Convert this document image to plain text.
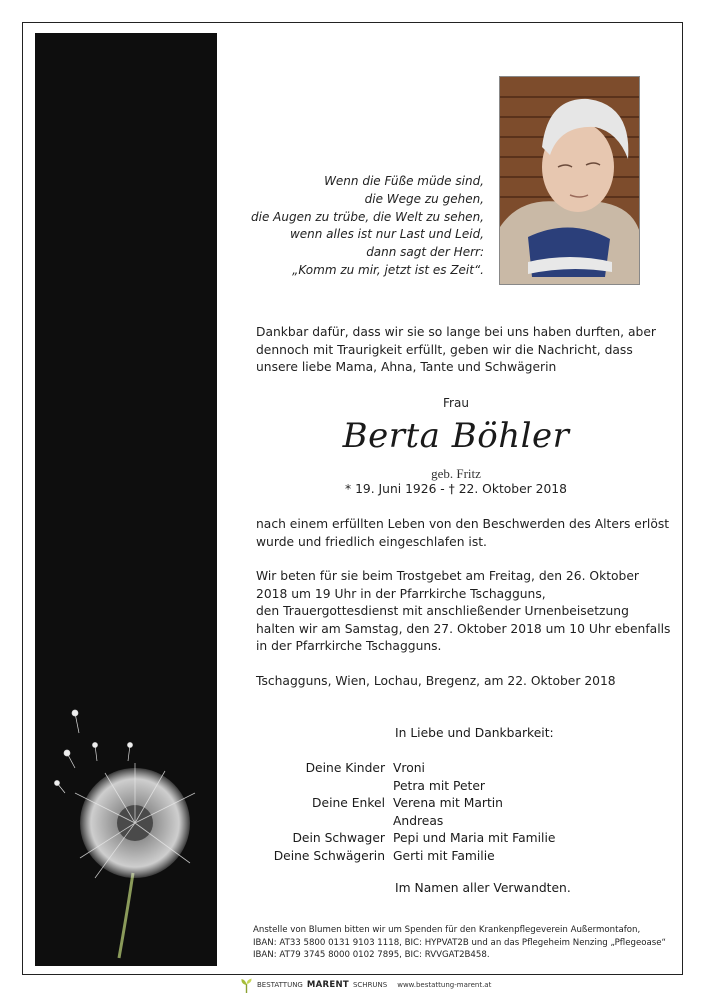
Wenn die Füße müde sind,
die Wege zu gehen,
die Augen zu trübe, die Welt zu sehen,
wenn alles ist nur Last und Leid,
dann sagt der Herr:
„Komm zu mir, jetzt ist es Zeit“.
Dankbar dafür, dass wir sie so lange bei uns haben durften, aber
dennoch mit Traurigkeit erfüllt, geben wir die Nachricht, dass
unsere liebe Mama, Ahna, Tante und Schwägerin
Frau
Berta Böhler
geb. Fritz
* 19. Juni 1926 - † 22. Oktober 2018
nach einem erfüllten Leben von den Beschwerden des Alters erlöst
wurde und friedlich eingeschlafen ist.
Wir beten für sie beim Trostgebet am Freitag, den 26. Oktober
2018 um 19 Uhr in der Pfarrkirche Tschagguns,
den Trauergottesdienst mit anschließender Urnenbeisetzung
halten wir am Samstag, den 27. Oktober 2018 um 10 Uhr ebenfalls
in der Pfarrkirche Tschagguns.
Tschagguns, Wien, Lochau, Bregenz, am 22. Oktober 2018
In Liebe und Dankbarkeit:
Deine Kinder
Deine Enkel
Dein Schwager
Deine Schwägerin
Vroni
Petra mit Peter
Verena mit Martin
Andreas
Pepi und Maria mit Familie
Gerti mit Familie
Im Namen aller Verwandten.
Anstelle von Blumen bitten wir um Spenden für den Krankenpflegeverein Außermontafon,
IBAN: AT33 5800 0131 9103 1118, BIC: HYPVAT2B und an das Pflegeheim Nenzing „Pflegeoase“
IBAN: AT79 3745 8000 0102 7895, BIC: RVVGAT2B458.
BESTATTUNG MARENT SCHRUNS www.bestattung-marent.at
